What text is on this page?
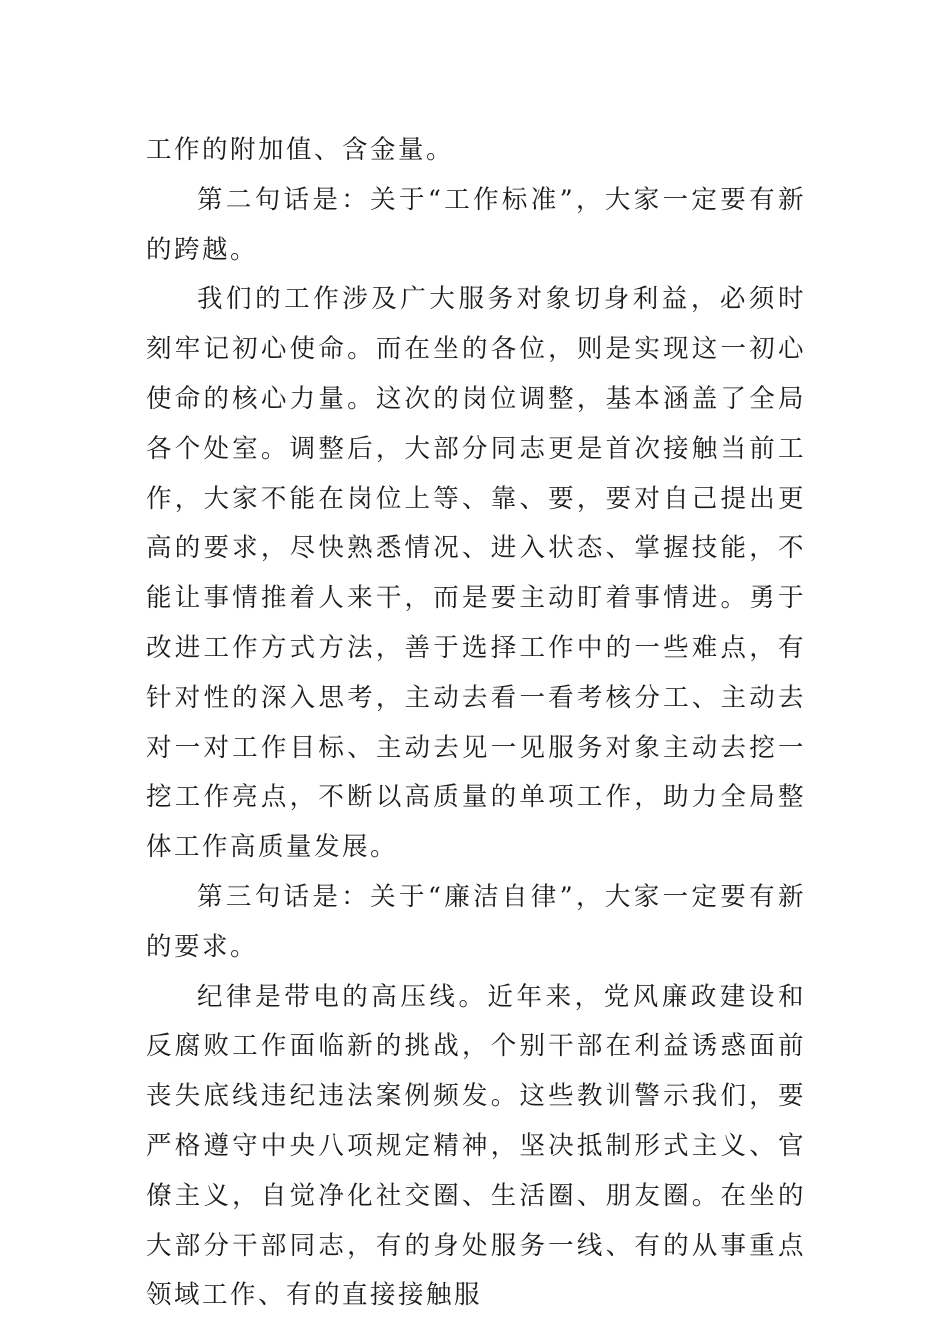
工作的附加值、含金量。

第二句话是：关于“工作标准”，大家一定要有新的跨越。

我们的工作涉及广大服务对象切身利益，必须时刻牢记初心使命。而在坐的各位，则是实现这一初心使命的核心力量。这次的岗位调整，基本涵盖了全局各个处室。调整后，大部分同志更是首次接触当前工作，大家不能在岗位上等、靠、要，要对自己提出更高的要求，尽快熟悉情况、进入状态、掌握技能，不能让事情推着人来干，而是要主动盯着事情进。勇于改进工作方式方法，善于选择工作中的一些难点，有针对性的深入思考，主动去看一看考核分工、主动去对一对工作目标、主动去见一见服务对象主动去挖一挖工作亮点，不断以高质量的单项工作，助力全局整体工作高质量发展。

第三句话是：关于“廉洁自律”，大家一定要有新的要求。

纪律是带电的高压线。近年来，党风廉政建设和反腐败工作面临新的挑战，个别干部在利益诱惑面前丧失底线违纪违法案例频发。这些教训警示我们，要严格遵守中央八项规定精神，坚决抵制形式主义、官僚主义，自觉净化社交圈、生活圈、朋友圈。在坐的大部分干部同志，有的身处服务一线、有的从事重点领域工作、有的直接接触服
